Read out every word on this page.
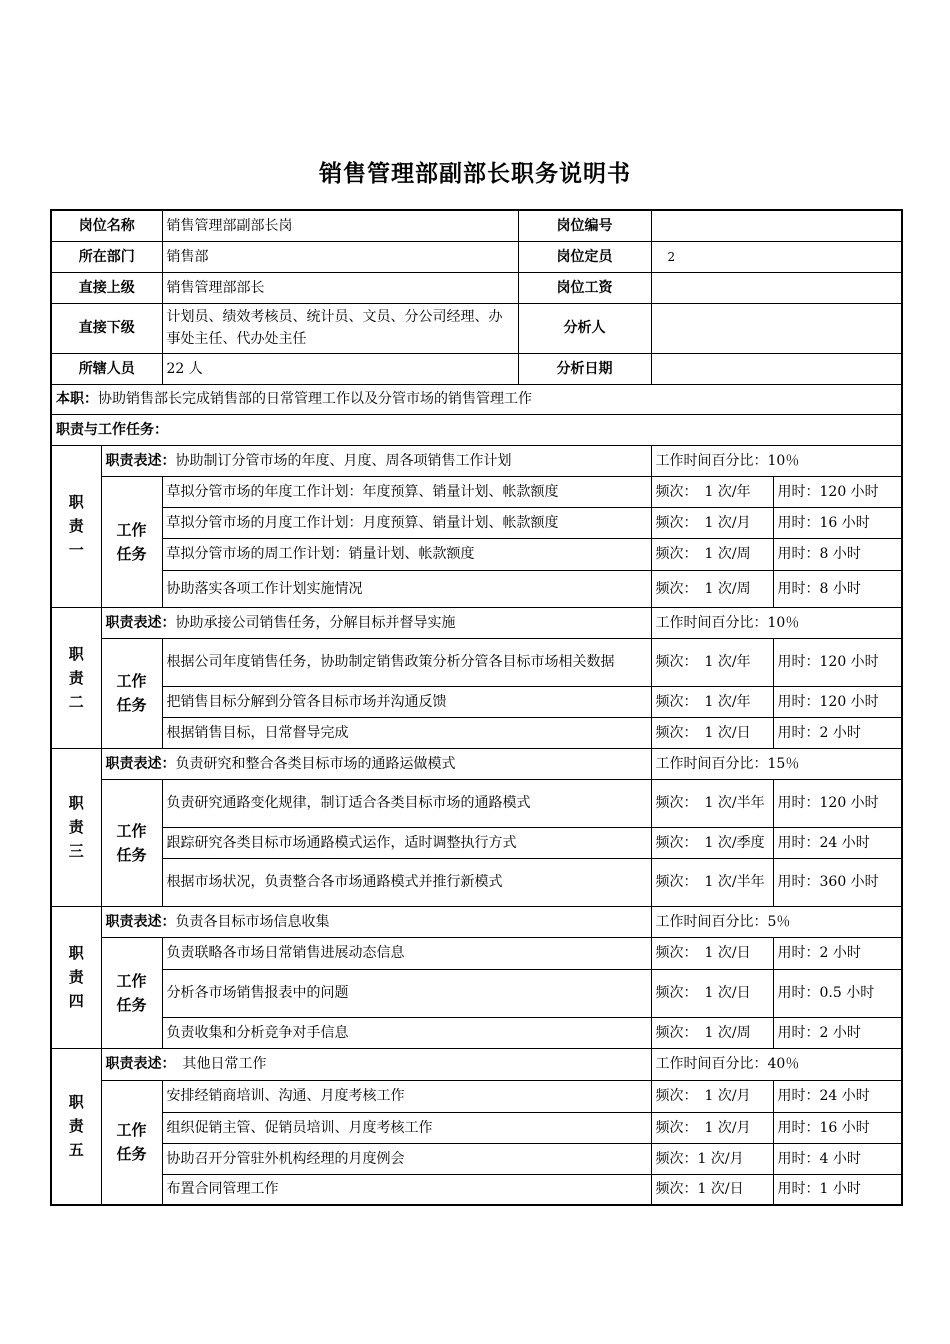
销售管理部副部长职务说明书
岗位名称		销售管理部副部长岗	岗位编号		
所在部门		销售部	岗位定员	2	
直接上级		销售管理部部长	岗位工资		
直接下级		计划员、绩效考核员、统计员、文员、分公司经理、办事处主任、代办处主任	分析人		
所辖人员		22 人	分析日期		
本职：协助销售部长完成销售部的日常管理工作以及分管市场的销售管理工作					
职责与工作任务：					

职
责
一	职责表述：协助制订分管市场的年度、月度、周各项销售工作计划			工作时间百分比：10％	

	工作
任务	草拟分管市场的年度工作计划：年度预算、销量计划、帐款额度		频次：　1 次/年	用时：120 小时
		草拟分管市场的月度工作计划：月度预算、销量计划、帐款额度		频次：　1 次/月	用时：16 小时
		草拟分管市场的周工作计划：销量计划、帐款额度		频次：　1 次/周	用时：8 小时
		协助落实各项工作计划实施情况		频次：　1 次/周	用时：8 小时

职
责
二	职责表述：协助承接公司销售任务，分解目标并督导实施			工作时间百分比：10％	

	工作
任务	根据公司年度销售任务，协助制定销售政策分析分管各目标市场相关数据		频次：　1 次/年	用时：120 小时
		把销售目标分解到分管各目标市场并沟通反馈		频次：　1 次/年	用时：120 小时
		根据销售目标，日常督导完成		频次：　1 次/日	用时：2 小时

职
责
三	职责表述：负责研究和整合各类目标市场的通路运做模式			工作时间百分比：15％	

	工作
任务	负责研究通路变化规律，制订适合各类目标市场的通路模式		频次：　1 次/半年	用时：120 小时
		跟踪研究各类目标市场通路模式运作，适时调整执行方式		频次：　1 次/季度	用时：24 小时
		根据市场状况，负责整合各市场通路模式并推行新模式		频次：　1 次/半年	用时：360 小时

职
责
四	职责表述：负责各目标市场信息收集			工作时间百分比：5％	

	工作
任务	负责联略各市场日常销售进展动态信息		频次：　1 次/日	用时：2 小时
		分析各市场销售报表中的问题		频次：　1 次/日	用时：0.5 小时
		负责收集和分析竞争对手信息		频次：　1 次/周	用时：2 小时

职
责
五	职责表述：　其他日常工作			工作时间百分比：40％	

	工作
任务	安排经销商培训、沟通、月度考核工作		频次：　1 次/月	用时：24 小时
		组织促销主管、促销员培训、月度考核工作		频次：　1 次/月	用时：16 小时
		协助召开分管驻外机构经理的月度例会		频次：1 次/月	用时：4 小时
		布置合同管理工作		频次：1 次/日	用时：1 小时
